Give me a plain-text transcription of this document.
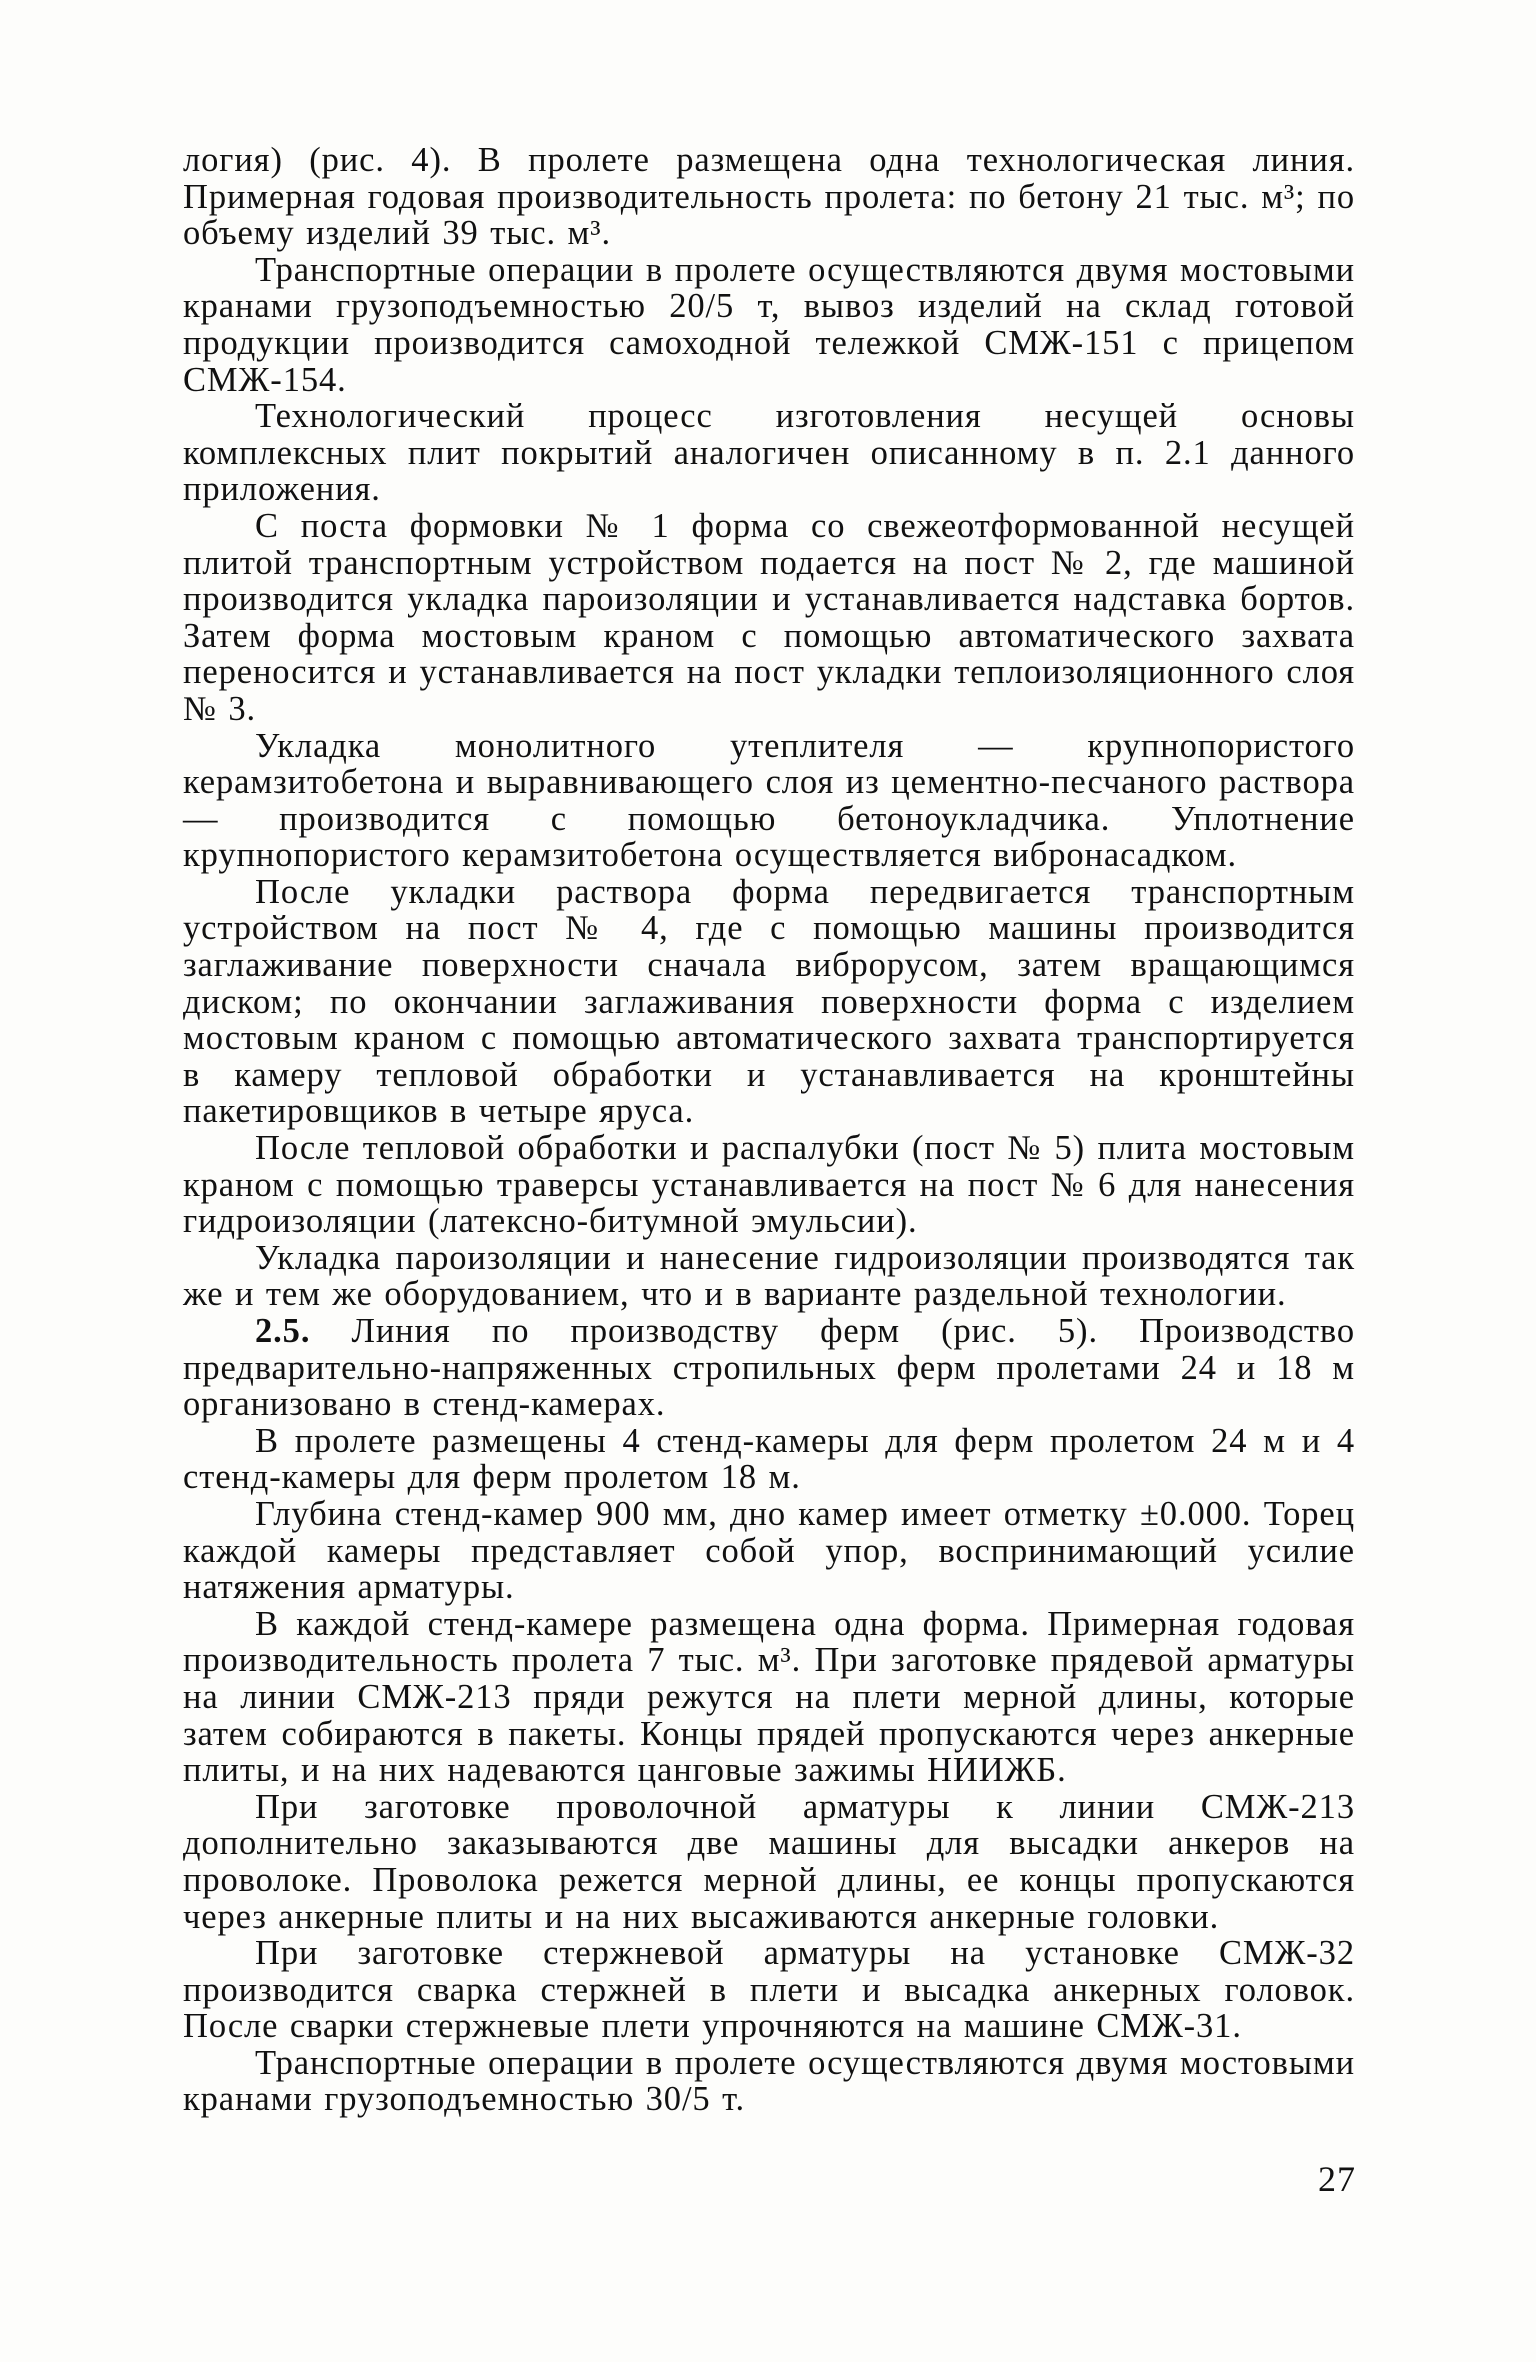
логия) (рис. 4). В пролете размещена одна технологическая линия. Примерная годовая производительность пролета: по бетону 21 тыс. м³; по объему изделий 39 тыс. м³.

Транспортные операции в пролете осуществляются двумя мостовыми кранами грузоподъемностью 20/5 т, вывоз изделий на склад готовой продукции производится самоходной тележкой СМЖ-151 с прицепом СМЖ-154.

Технологический процесс изготовления несущей основы комплексных плит покрытий аналогичен описанному в п. 2.1 данного приложения.

С поста формовки № 1 форма со свежеотформованной несущей плитой транспортным устройством подается на пост № 2, где машиной производится укладка пароизоляции и устанавливается надставка бортов. Затем форма мостовым краном с помощью автоматического захвата переносится и устанавливается на пост укладки теплоизоляционного слоя № 3.

Укладка монолитного утеплителя — крупнопористого керамзитобетона и выравнивающего слоя из цементно-песчаного раствора — производится с помощью бетоноукладчика. Уплотнение крупнопористого керамзитобетона осуществляется вибронасадком.

После укладки раствора форма передвигается транспортным устройством на пост № 4, где с помощью машины производится заглаживание поверхности сначала виброрусом, затем вращающимся диском; по окончании заглаживания поверхности форма с изделием мостовым краном с помощью автоматического захвата транспортируется в камеру тепловой обработки и устанавливается на кронштейны пакетировщиков в четыре яруса.

После тепловой обработки и распалубки (пост № 5) плита мостовым краном с помощью траверсы устанавливается на пост № 6 для нанесения гидроизоляции (латексно-битумной эмульсии).

Укладка пароизоляции и нанесение гидроизоляции производятся так же и тем же оборудованием, что и в варианте раздельной технологии.

2.5. Линия по производству ферм (рис. 5). Производство предварительно-напряженных стропильных ферм пролетами 24 и 18 м организовано в стенд-камерах.

В пролете размещены 4 стенд-камеры для ферм пролетом 24 м и 4 стенд-камеры для ферм пролетом 18 м.

Глубина стенд-камер 900 мм, дно камер имеет отметку ±0.000. Торец каждой камеры представляет собой упор, воспринимающий усилие натяжения арматуры.

В каждой стенд-камере размещена одна форма. Примерная годовая производительность пролета 7 тыс. м³. При заготовке прядевой арматуры на линии СМЖ-213 пряди режутся на плети мерной длины, которые затем собираются в пакеты. Концы прядей пропускаются через анкерные плиты, и на них надеваются цанговые зажимы НИИЖБ.

При заготовке проволочной арматуры к линии СМЖ-213 дополнительно заказываются две машины для высадки анкеров на проволоке. Проволока режется мерной длины, ее концы пропускаются через анкерные плиты и на них высаживаются анкерные головки.

При заготовке стержневой арматуры на установке СМЖ-32 производится сварка стержней в плети и высадка анкерных головок. После сварки стержневые плети упрочняются на машине СМЖ-31.

Транспортные операции в пролете осуществляются двумя мостовыми кранами грузоподъемностью 30/5 т.

27
